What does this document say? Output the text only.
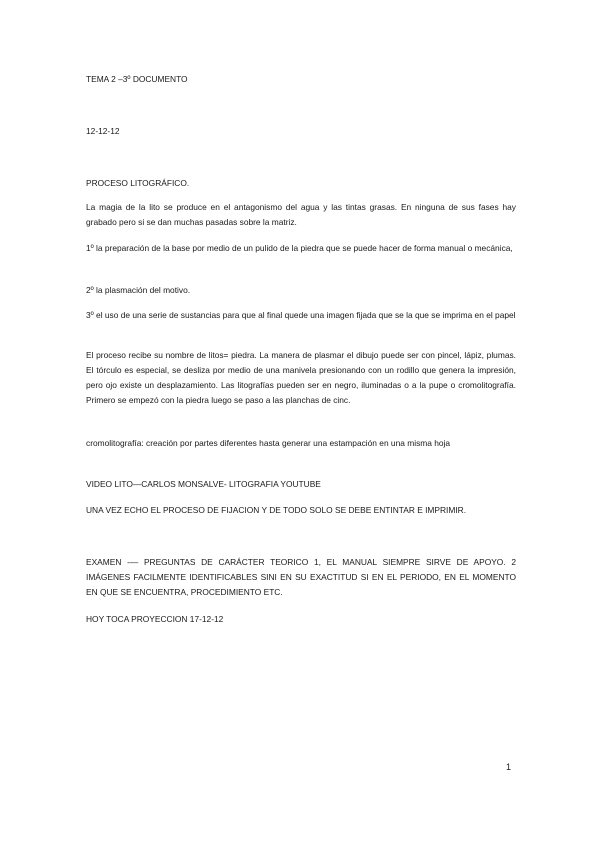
TEMA 2 –3º DOCUMENTO

12-12-12

PROCESO LITOGRÁFICO.

La magia de la lito se produce en el antagonismo del agua y las tintas grasas. En ninguna de sus fases hay grabado pero si se dan muchas pasadas sobre la matriz.

1º la preparación de la base por medio de un pulido de la piedra que se puede hacer de forma manual o mecánica,

2º la plasmación del motivo.

3º el uso de una serie de sustancias para que al final quede una imagen fijada que se la que se imprima en el papel

El proceso recibe su nombre de litos= piedra. La manera de plasmar el dibujo puede ser con pincel, lápiz, plumas. El tórculo es especial, se desliza por medio de una manivela presionando con un rodillo que genera la impresión, pero ojo existe un desplazamiento. Las litografías pueden ser en negro, iluminadas o a la pupe o cromolitografía. Primero se empezó con la piedra luego se paso a las planchas de cinc.

cromolitografía: creación por partes diferentes hasta generar una estampación en una misma hoja

VIDEO LITO—CARLOS MONSALVE- LITOGRAFIA YOUTUBE

UNA VEZ ECHO EL PROCESO DE FIJACION Y DE TODO SOLO SE DEBE ENTINTAR E IMPRIMIR.

EXAMEN -— PREGUNTAS DE CARÁCTER TEORICO 1, EL MANUAL SIEMPRE SIRVE DE APOYO. 2 IMÁGENES FACILMENTE IDENTIFICABLES SINI EN SU EXACTITUD SI EN EL PERIODO, EN EL MOMENTO EN QUE SE ENCUENTRA, PROCEDIMIENTO ETC.

HOY TOCA PROYECCION 17-12-12

1
